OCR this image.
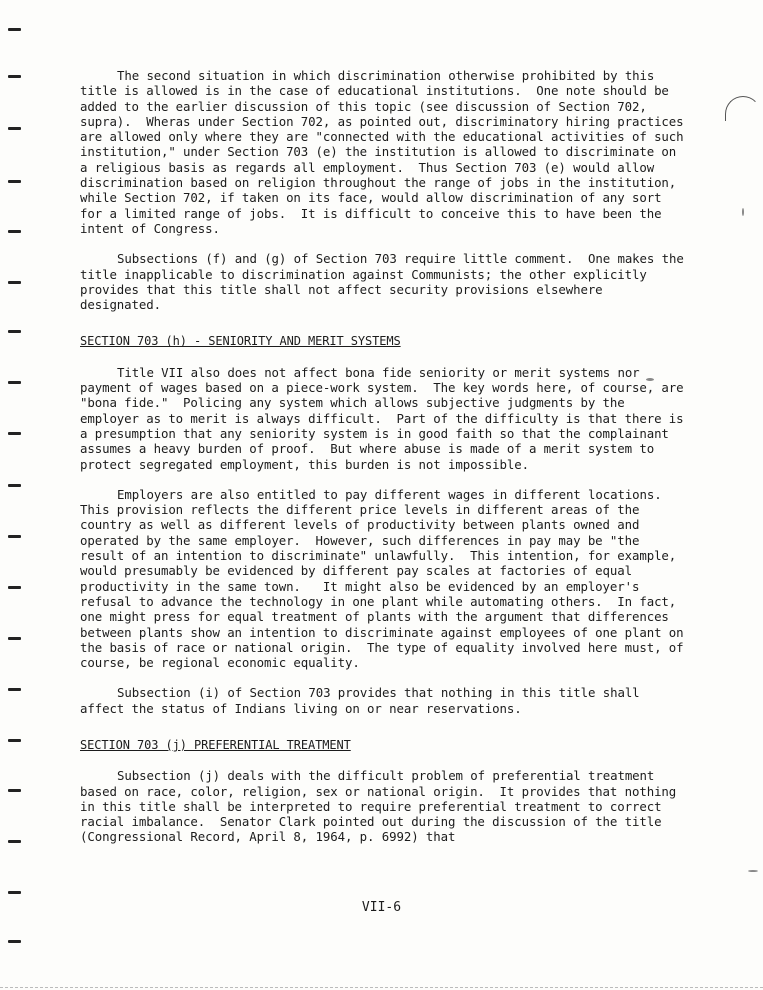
The second situation in which discrimination otherwise prohibited by this title is allowed is in the case of educational institutions.  One note should be added to the earlier discussion of this topic (see discussion of Section 702, supra).  Wheras under Section 702, as pointed out, discriminatory hiring practices are allowed only where they are "connected with the educational activities of such institution," under Section 703 (e) the institution is allowed to discriminate on a religious basis as regards all employment.  Thus Section 703 (e) would allow discrimination based on religion throughout the range of jobs in the institution, while Section 702, if taken on its face, would allow discrimination of any sort for a limited range of jobs.  It is difficult to conceive this to have been the intent of Congress.

Subsections (f) and (g) of Section 703 require little comment.  One makes the title inapplicable to discrimination against Communists; the other explicitly provides that this title shall not affect security provisions elsewhere designated.

SECTION 703 (h) - SENIORITY AND MERIT SYSTEMS

Title VII also does not affect bona fide seniority or merit systems nor payment of wages based on a piece-work system.  The key words here, of course, are "bona fide."  Policing any system which allows subjective judgments by the employer as to merit is always difficult.  Part of the difficulty is that there is a presumption that any seniority system is in good faith so that the complainant assumes a heavy burden of proof.  But where abuse is made of a merit system to protect segregated employment, this burden is not impossible.

Employers are also entitled to pay different wages in different locations.  This provision reflects the different price levels in different areas of the country as well as different levels of productivity between plants owned and operated by the same employer.  However, such differences in pay may be "the result of an intention to discriminate" unlawfully.  This intention, for example, would presumably be evidenced by different pay scales at factories of equal productivity in the same town.   It might also be evidenced by an employer's refusal to advance the technology in one plant while automating others.  In fact, one might press for equal treatment of plants with the argument that differences between plants show an intention to discriminate against employees of one plant on the basis of race or national origin.  The type of equality involved here must, of course, be regional economic equality.

Subsection (i) of Section 703 provides that nothing in this title shall affect the status of Indians living on or near reservations.

SECTION 703 (j) PREFERENTIAL TREATMENT

Subsection (j) deals with the difficult problem of preferential treatment based on race, color, religion, sex or national origin.  It provides that nothing in this title shall be interpreted to require preferential treatment to correct racial imbalance.  Senator Clark pointed out during the discussion of the title (Congressional Record, April 8, 1964, p. 6992) that

VII-6
